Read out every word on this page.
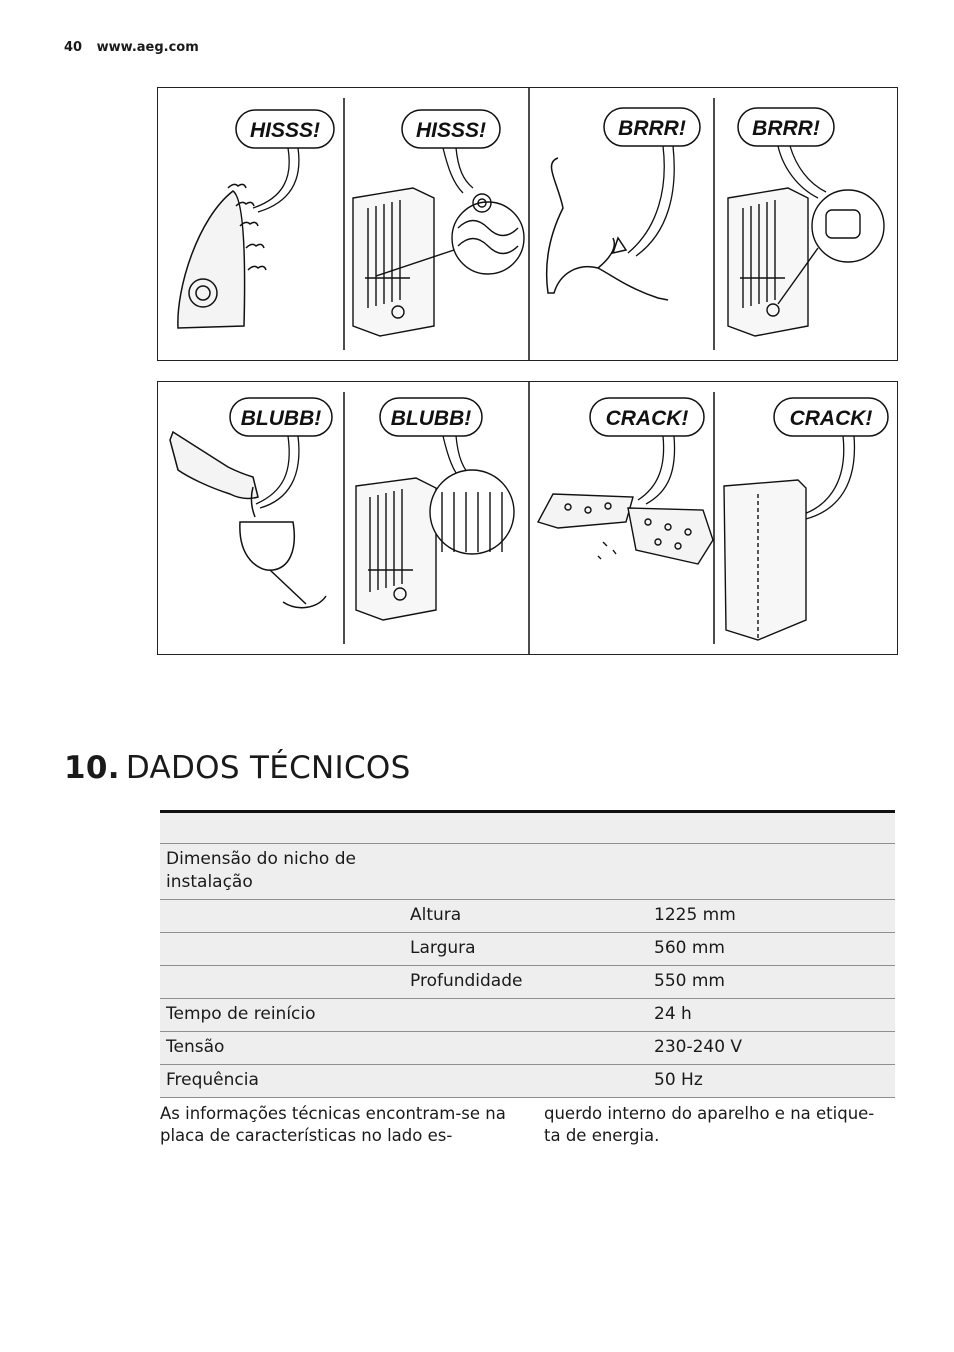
40 www.aeg.com
HISSS!	HISSS!	BRRR!	BRRR!
BLUBB!	BLUBB!	CRACK!	CRACK!
10. DADOS TÉCNICOS

Dimensão do nicho de instalação		
	Altura	1225 mm
	Largura	560 mm
	Profundidade	550 mm
Tempo de reinício		24 h
Tensão		230-240 V
Frequência		50 Hz
As informações técnicas encontram-se na placa de características no lado es-
querdo interno do aparelho e na etique- ta de energia.
